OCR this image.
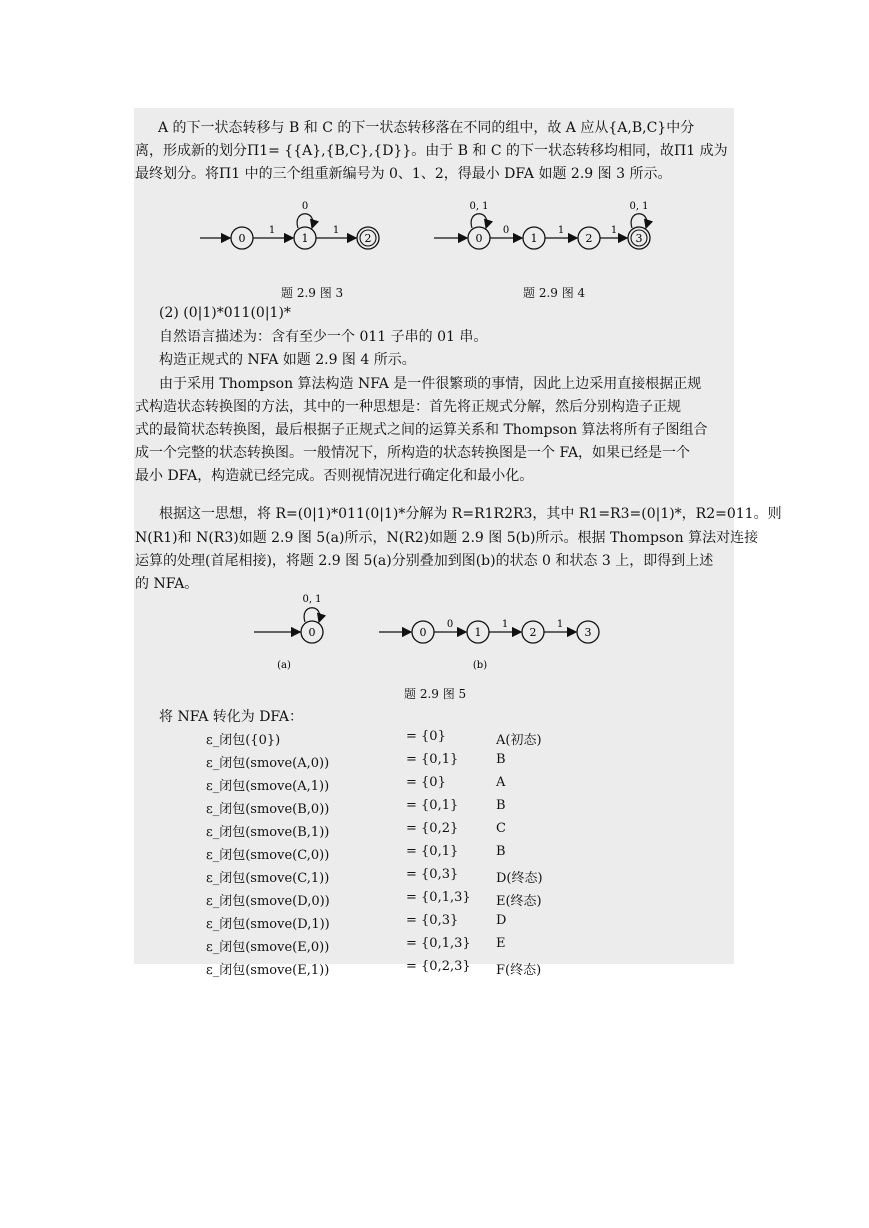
A 的下一状态转移与 B 和 C 的下一状态转移落在不同的组中，故 A 应从{A,B,C}中分
离，形成新的划分Π1= {{A},{B,C},{D}}。由于 B 和 C 的下一状态转移均相同，故Π1 成为
最终划分。将Π1 中的三个组重新编号为 0、1、2，得最小 DFA 如题 2.9 图 3 所示。
0
1
1
0
1
2	0
0, 1
0
1
1
2
1
3
0, 1
题 2.9 图 3	题 2.9 图 4
(2) (0|1)*011(0|1)*
自然语言描述为：含有至少一个 011 子串的 01 串。
构造正规式的 NFA 如题 2.9 图 4 所示。
由于采用 Thompson 算法构造 NFA 是一件很繁琐的事情，因此上边采用直接根据正规
式构造状态转换图的方法，其中的一种思想是：首先将正规式分解，然后分别构造子正规
式的最简状态转换图，最后根据子正规式之间的运算关系和 Thompson 算法将所有子图组合
成一个完整的状态转换图。一般情况下，所构造的状态转换图是一个 FA，如果已经是一个
最小 DFA，构造就已经完成。否则视情况进行确定化和最小化。
根据这一思想，将 R=(0|1)*011(0|1)*分解为 R=R1R2R3，其中 R1=R3=(0|1)*，R2=011。则
N(R1)和 N(R3)如题 2.9 图 5(a)所示，N(R2)如题 2.9 图 5(b)所示。根据 Thompson 算法对连接
运算的处理(首尾相接)，将题 2.9 图 5(a)分别叠加到图(b)的状态 0 和状态 3 上，即得到上述
的 NFA。
0
0, 1
0
0
1
1
2
1
3
(a)	(b)
题 2.9 图 5
将 NFA 转化为 DFA：
ε_闭包({0})	= {0}	A(初态)
ε_闭包(smove(A,0))	= {0,1}	B
ε_闭包(smove(A,1))	= {0}	A
ε_闭包(smove(B,0))	= {0,1}	B
ε_闭包(smove(B,1))	= {0,2}	C
ε_闭包(smove(C,0))	= {0,1}	B
ε_闭包(smove(C,1))	= {0,3}	D(终态)
ε_闭包(smove(D,0))	= {0,1,3}	E(终态)
ε_闭包(smove(D,1))	= {0,3}	D
ε_闭包(smove(E,0))	= {0,1,3}	E
ε_闭包(smove(E,1))	= {0,2,3}	F(终态)
